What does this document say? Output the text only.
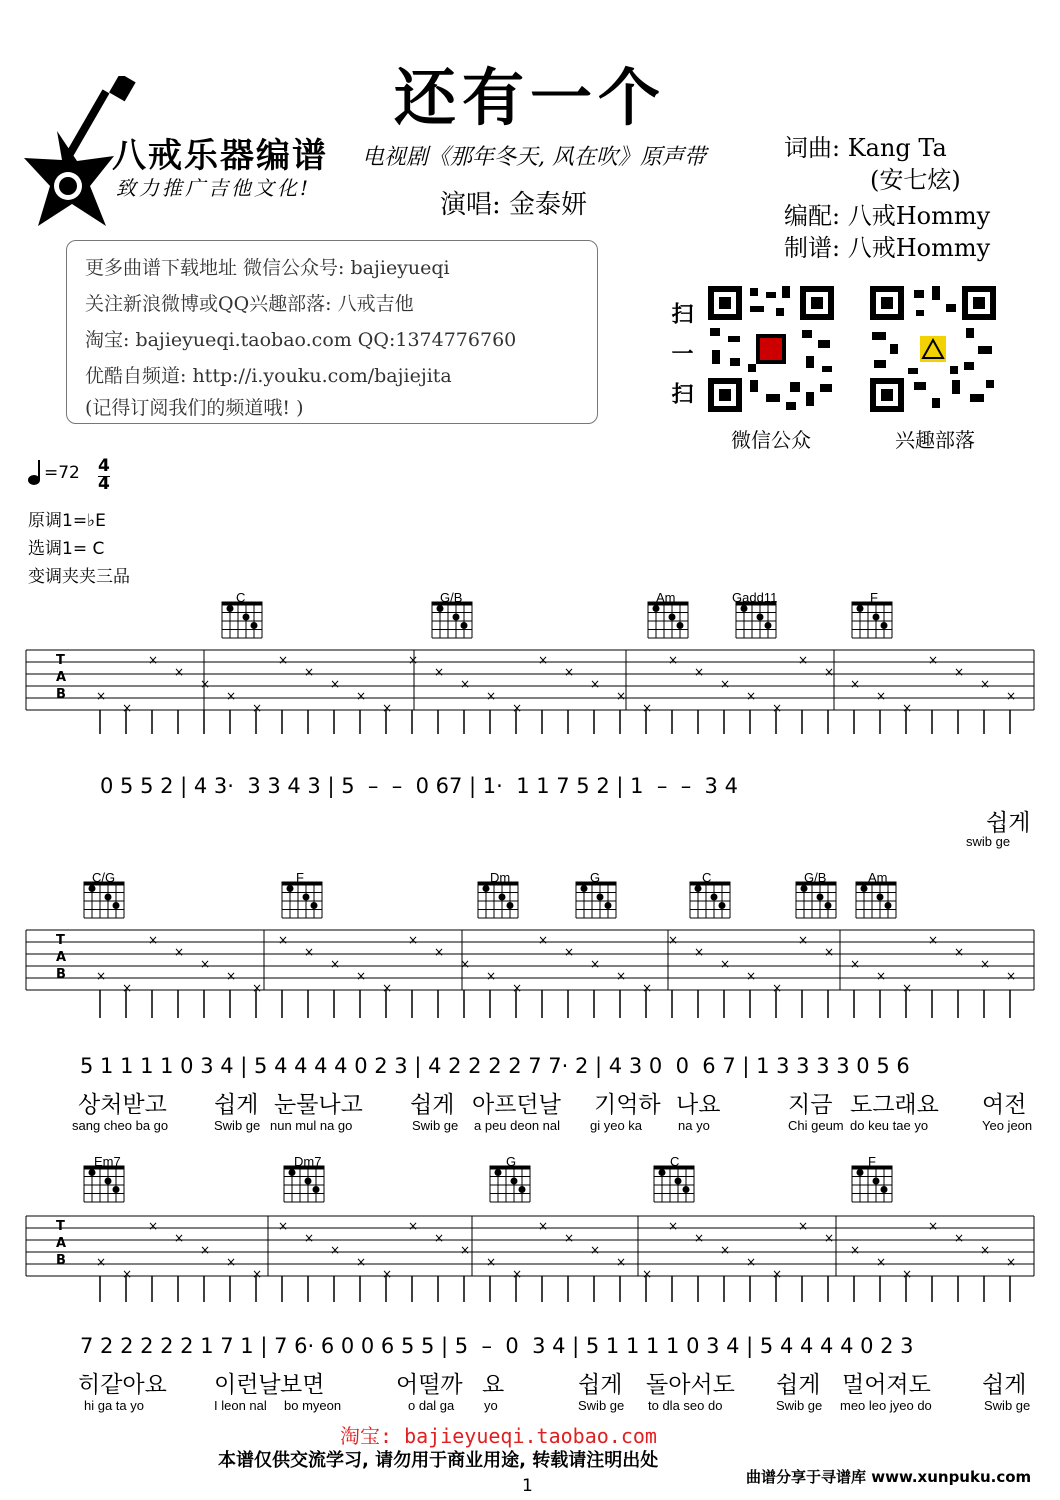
还有一个
八戒乐器编谱
致力推广吉他文化!
电视剧《那年冬天, 风在吹》原声带
演唱: 金泰妍
词曲: Kang Ta
(安七炫)
编配: 八戒Hommy
制谱: 八戒Hommy
更多曲谱下载地址 微信公众号: bajieyueqi
关注新浪微博或QQ兴趣部落: 八戒吉他
淘宝: bajieyueqi.taobao.com QQ:1374776760
优酷自频道: http://i.youku.com/bajiejita
(记得订阅我们的频道哦! )	扫一扫
微信公众	兴趣部落
=72 4
4
原调1=♭E
选调1= C
变调夹夹三品
×
×
×
×
×
×
×
×
×
×
×
×
×
×
×
×
×
×
×
×
×
×
×
×
×
×
×
×
×
×
×
×
×
×
×
×
×
×
×
×
×
×
×
×
×
×
×
×
×
×
×
×
×
×
×
×
×
×
×
×
×
×
×
×
×
×
×
×
×
×
×
×
×
×
×
×
×
×
×
×
×
×
×
×
×
×
×
×
×
×
×
×
×
×
×
×
×
×
×
×
×
×
×
×
×
×
×
×
T
A
B
T
A
B
T
A
B
C	G/B	Am	Gadd11	F
C/G	F	Dm	G	C	G/B	Am
Em7	Dm7	G	C	F
0 5 5 2 | 4 3·  3 3 4 3 | 5  –  –  0 67 | 1·  1 1 7 5 2 | 1  –  –  3 4
쉽게
swib ge
5 1 1 1 1 0 3 4 | 5 4 4 4 4 0 2 3 | 4 2 2 2 2 7 7· 2 | 4 3 0  0  6 7 | 1 3 3 3 3 0 5 6
상처받고 쉽게 눈물나고 쉽게 아프던날 기억하 나요	지금 도그래요 여전
sang cheo ba go	Swib ge nun mul na go	Swib ge a peu deon nal gi yeo ka	na yo	Chi geum do keu tae yo	Yeo jeon
7 2 2 2 2 2 1 7 1 | 7 6· 6 0 0 6 5 5 | 5  –  0  3 4 | 5 1 1 1 1 0 3 4 | 5 4 4 4 4 0 2 3
히같아요 이런날 보면	어떨까 요	쉽게 돌아서도 쉽게 멀어져도 쉽게
hi ga ta yo	I leon nal bo myeon	o dal ga yo	Swib ge to dla seo do	Swib ge meo leo jyeo do	Swib ge
淘宝: bajieyueqi.taobao.com
本谱仅供交流学习, 请勿用于商业用途, 转载请注明出处
曲谱分享于寻谱库 www.xunpuku.com
1
